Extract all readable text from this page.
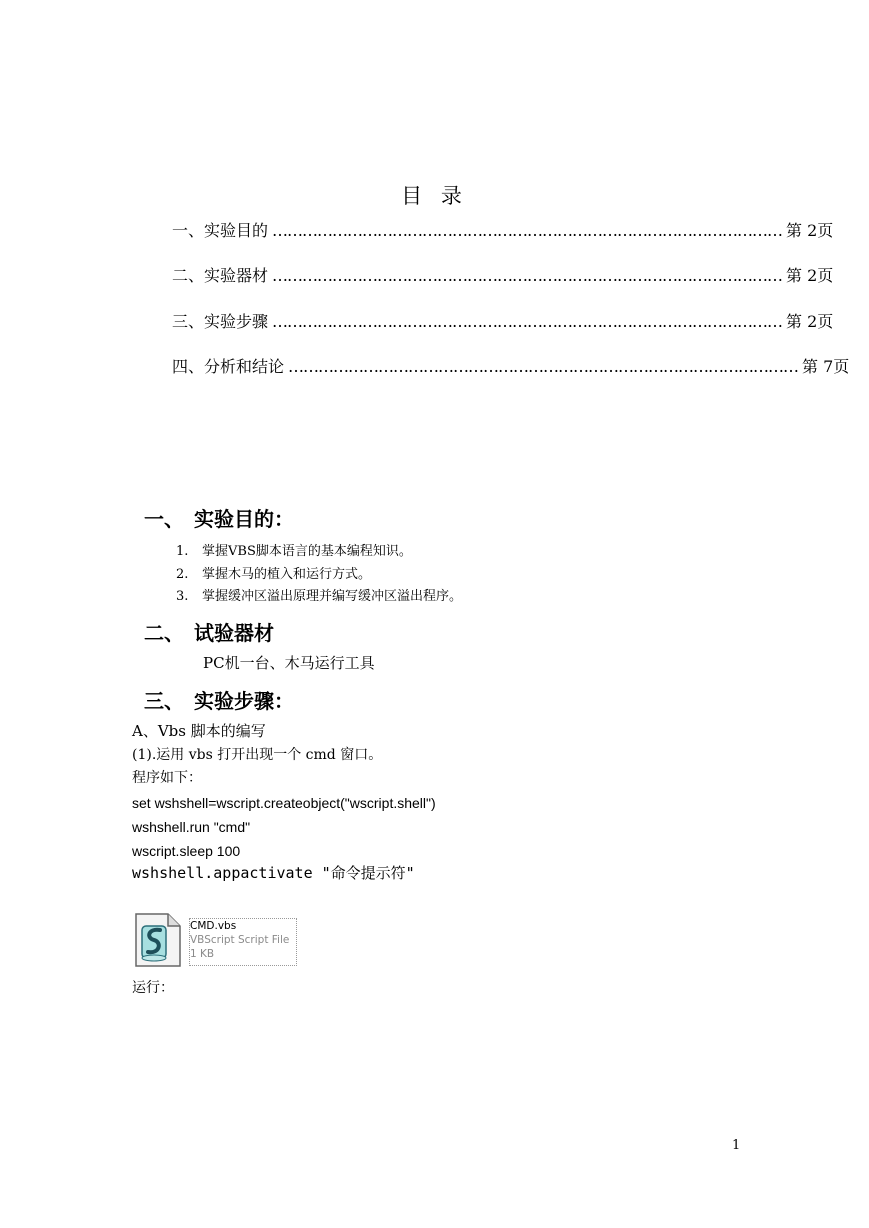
目 录
一、实验目的 ………………………………………………………………………………………… 第 2页
二、实验器材 ………………………………………………………………………………………… 第 2页
三、实验步骤 ………………………………………………………………………………………… 第 2页
四、分析和结论 ………………………………………………………………………………………… 第 7页
一、 实验目的：
1. 掌握VBS脚本语言的基本编程知识。
2. 掌握木马的植入和运行方式。
3. 掌握缓冲区溢出原理并编写缓冲区溢出程序。
二、 试验器材
PC机一台、木马运行工具
三、 实验步骤：
A、Vbs 脚本的编写
(1).运用 vbs 打开出现一个 cmd 窗口。
程序如下：
set wshshell=wscript.createobject("wscript.shell")
wshshell.run "cmd"
wscript.sleep 100
wshshell.appactivate "命令提示符"
CMD.vbs
VBScript Script File
1 KB
运行：
1
